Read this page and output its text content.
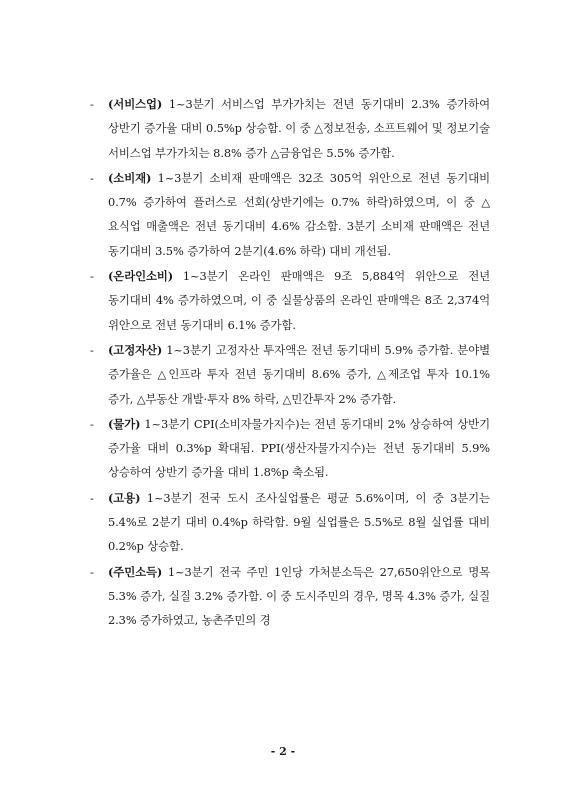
- (서비스업) 1~3분기 서비스업 부가가치는 전년 동기대비 2.3% 증가하여 상반기 증가율 대비 0.5%p 상승함. 이 중 △정보전송, 소프트웨어 및 정보기술 서비스업 부가가치는 8.8% 증가 △금융업은 5.5% 증가함.

- (소비재) 1~3분기 소비재 판매액은 32조 305억 위안으로 전년 동기대비 0.7% 증가하여 플러스로 선회(상반기에는 0.7% 하락)하였으며, 이 중 △요식업 매출액은 전년 동기대비 4.6% 감소함. 3분기 소비재 판매액은 전년 동기대비 3.5% 증가하여 2분기(4.6% 하락) 대비 개선됨.

- (온라인소비) 1~3분기 온라인 판매액은 9조 5,884억 위안으로 전년 동기대비 4% 증가하였으며, 이 중 실물상품의 온라인 판매액은 8조 2,374억 위안으로 전년 동기대비 6.1% 증가함.

- (고정자산) 1~3분기 고정자산 투자액은 전년 동기대비 5.9% 증가함. 분야별 증가율은 △인프라 투자 전년 동기대비 8.6% 증가, △제조업 투자 10.1% 증가, △부동산 개발·투자 8% 하락, △민간투자 2% 증가함.

- (물가) 1~3분기 CPI(소비자물가지수)는 전년 동기대비 2% 상승하여 상반기 증가율 대비 0.3%p 확대됨. PPI(생산자물가지수)는 전년 동기대비 5.9% 상승하여 상반기 증가율 대비 1.8%p 축소됨.

- (고용) 1~3분기 전국 도시 조사실업률은 평균 5.6%이며, 이 중 3분기는 5.4%로 2분기 대비 0.4%p 하락함. 9월 실업률은 5.5%로 8월 실업률 대비 0.2%p 상승함.

- (주민소득) 1~3분기 전국 주민 1인당 가처분소득은 27,650위안으로 명목 5.3% 증가, 실질 3.2% 증가함. 이 중 도시주민의 경우, 명목 4.3% 증가, 실질 2.3% 증가하였고, 농촌주민의 경

- 2 -
